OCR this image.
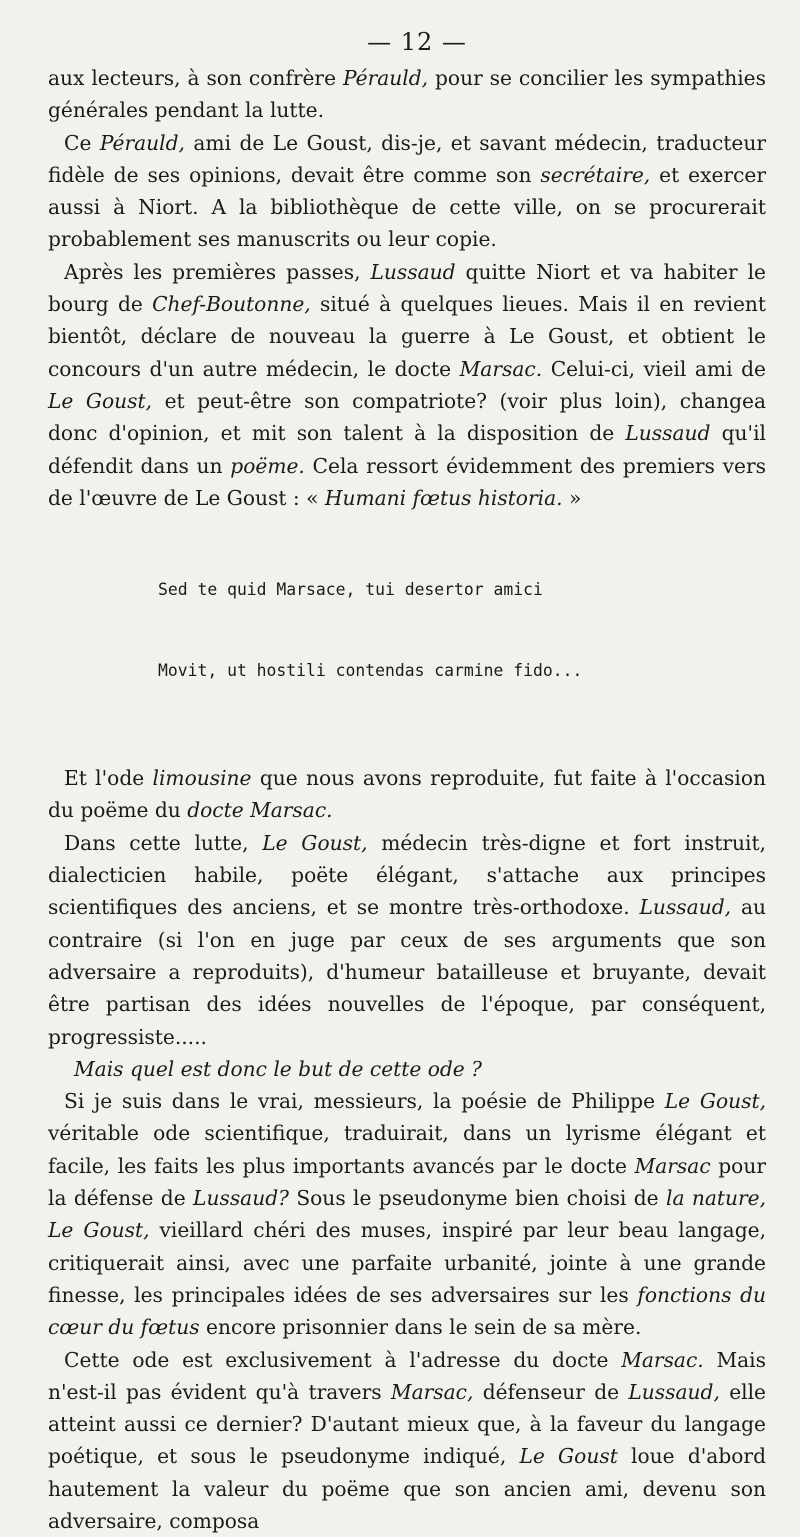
— 12 —

aux lecteurs, à son confrère Pérauld, pour se concilier les sympathies générales pendant la lutte.

Ce Pérauld, ami de Le Goust, dis-je, et savant médecin, traducteur fidèle de ses opinions, devait être comme son secrétaire, et exercer aussi à Niort. A la bibliothèque de cette ville, on se procurerait probablement ses manuscrits ou leur copie.

Après les premières passes, Lussaud quitte Niort et va habiter le bourg de Chef-Boutonne, situé à quelques lieues. Mais il en revient bientôt, déclare de nouveau la guerre à Le Goust, et obtient le concours d'un autre médecin, le docte Marsac. Celui-ci, vieil ami de Le Goust, et peut-être son compatriote? (voir plus loin), changea donc d'opinion, et mit son talent à la disposition de Lussaud qu'il défendit dans un poëme. Cela ressort évidemment des premiers vers de l'œuvre de Le Goust : « Humani fœtus historia. »

Sed te quid Marsace, tui desertor amici

Movit, ut hostili contendas carmine fido...

Et l'ode limousine que nous avons reproduite, fut faite à l'occasion du poëme du docte Marsac.

Dans cette lutte, Le Goust, médecin très-digne et fort instruit, dialecticien habile, poëte élégant, s'attache aux principes scientifiques des anciens, et se montre très-orthodoxe. Lussaud, au contraire (si l'on en juge par ceux de ses arguments que son adversaire a reproduits), d'humeur batailleuse et bruyante, devait être partisan des idées nouvelles de l'époque, par conséquent, progressiste.....

Mais quel est donc le but de cette ode ?

Si je suis dans le vrai, messieurs, la poésie de Philippe Le Goust, véritable ode scientifique, traduirait, dans un lyrisme élégant et facile, les faits les plus importants avancés par le docte Marsac pour la défense de Lussaud? Sous le pseudonyme bien choisi de la nature, Le Goust, vieillard chéri des muses, inspiré par leur beau langage, critiquerait ainsi, avec une parfaite urbanité, jointe à une grande finesse, les principales idées de ses adversaires sur les fonctions du cœur du fœtus encore prisonnier dans le sein de sa mère.

Cette ode est exclusivement à l'adresse du docte Marsac. Mais n'est-il pas évident qu'à travers Marsac, défenseur de Lussaud, elle atteint aussi ce dernier? D'autant mieux que, à la faveur du langage poétique, et sous le pseudonyme indiqué, Le Goust loue d'abord hautement la valeur du poëme que son ancien ami, devenu son adversaire, composa
